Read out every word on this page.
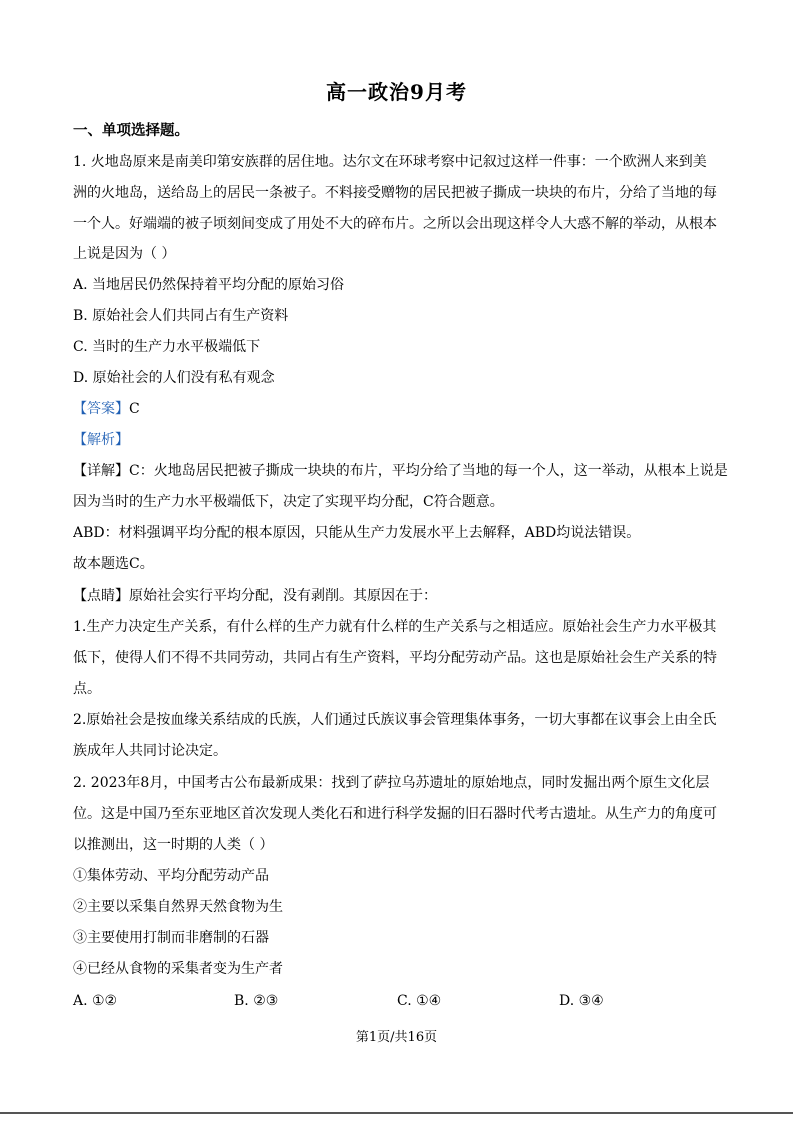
高一政治9月考
一、单项选择题。
1. 火地岛原来是南美印第安族群的居住地。达尔文在环球考察中记叙过这样一件事：一个欧洲人来到美
洲的火地岛，送给岛上的居民一条被子。不料接受赠物的居民把被子撕成一块块的布片，分给了当地的每
一个人。好端端的被子顷刻间变成了用处不大的碎布片。之所以会出现这样令人大惑不解的举动，从根本
上说是因为（ ）
A. 当地居民仍然保持着平均分配的原始习俗
B. 原始社会人们共同占有生产资料
C. 当时的生产力水平极端低下
D. 原始社会的人们没有私有观念
【答案】C
【解析】
【详解】C：火地岛居民把被子撕成一块块的布片，平均分给了当地的每一个人，这一举动，从根本上说是
因为当时的生产力水平极端低下，决定了实现平均分配，C符合题意。
ABD：材料强调平均分配的根本原因，只能从生产力发展水平上去解释，ABD均说法错误。
故本题选C。
【点睛】原始社会实行平均分配，没有剥削。其原因在于：
1.生产力决定生产关系，有什么样的生产力就有什么样的生产关系与之相适应。原始社会生产力水平极其
低下，使得人们不得不共同劳动，共同占有生产资料，平均分配劳动产品。这也是原始社会生产关系的特
点。
2.原始社会是按血缘关系结成的氏族，人们通过氏族议事会管理集体事务，一切大事都在议事会上由全氏
族成年人共同讨论决定。
2. 2023年8月，中国考古公布最新成果：找到了萨拉乌苏遗址的原始地点，同时发掘出两个原生文化层
位。这是中国乃至东亚地区首次发现人类化石和进行科学发掘的旧石器时代考古遗址。从生产力的角度可
以推测出，这一时期的人类（ ）
①集体劳动、平均分配劳动产品
②主要以采集自然界天然食物为生
③主要使用打制而非磨制的石器
④已经从食物的采集者变为生产者
A. ①②	B. ②③	C. ①④	D. ③④
第1页/共16页
